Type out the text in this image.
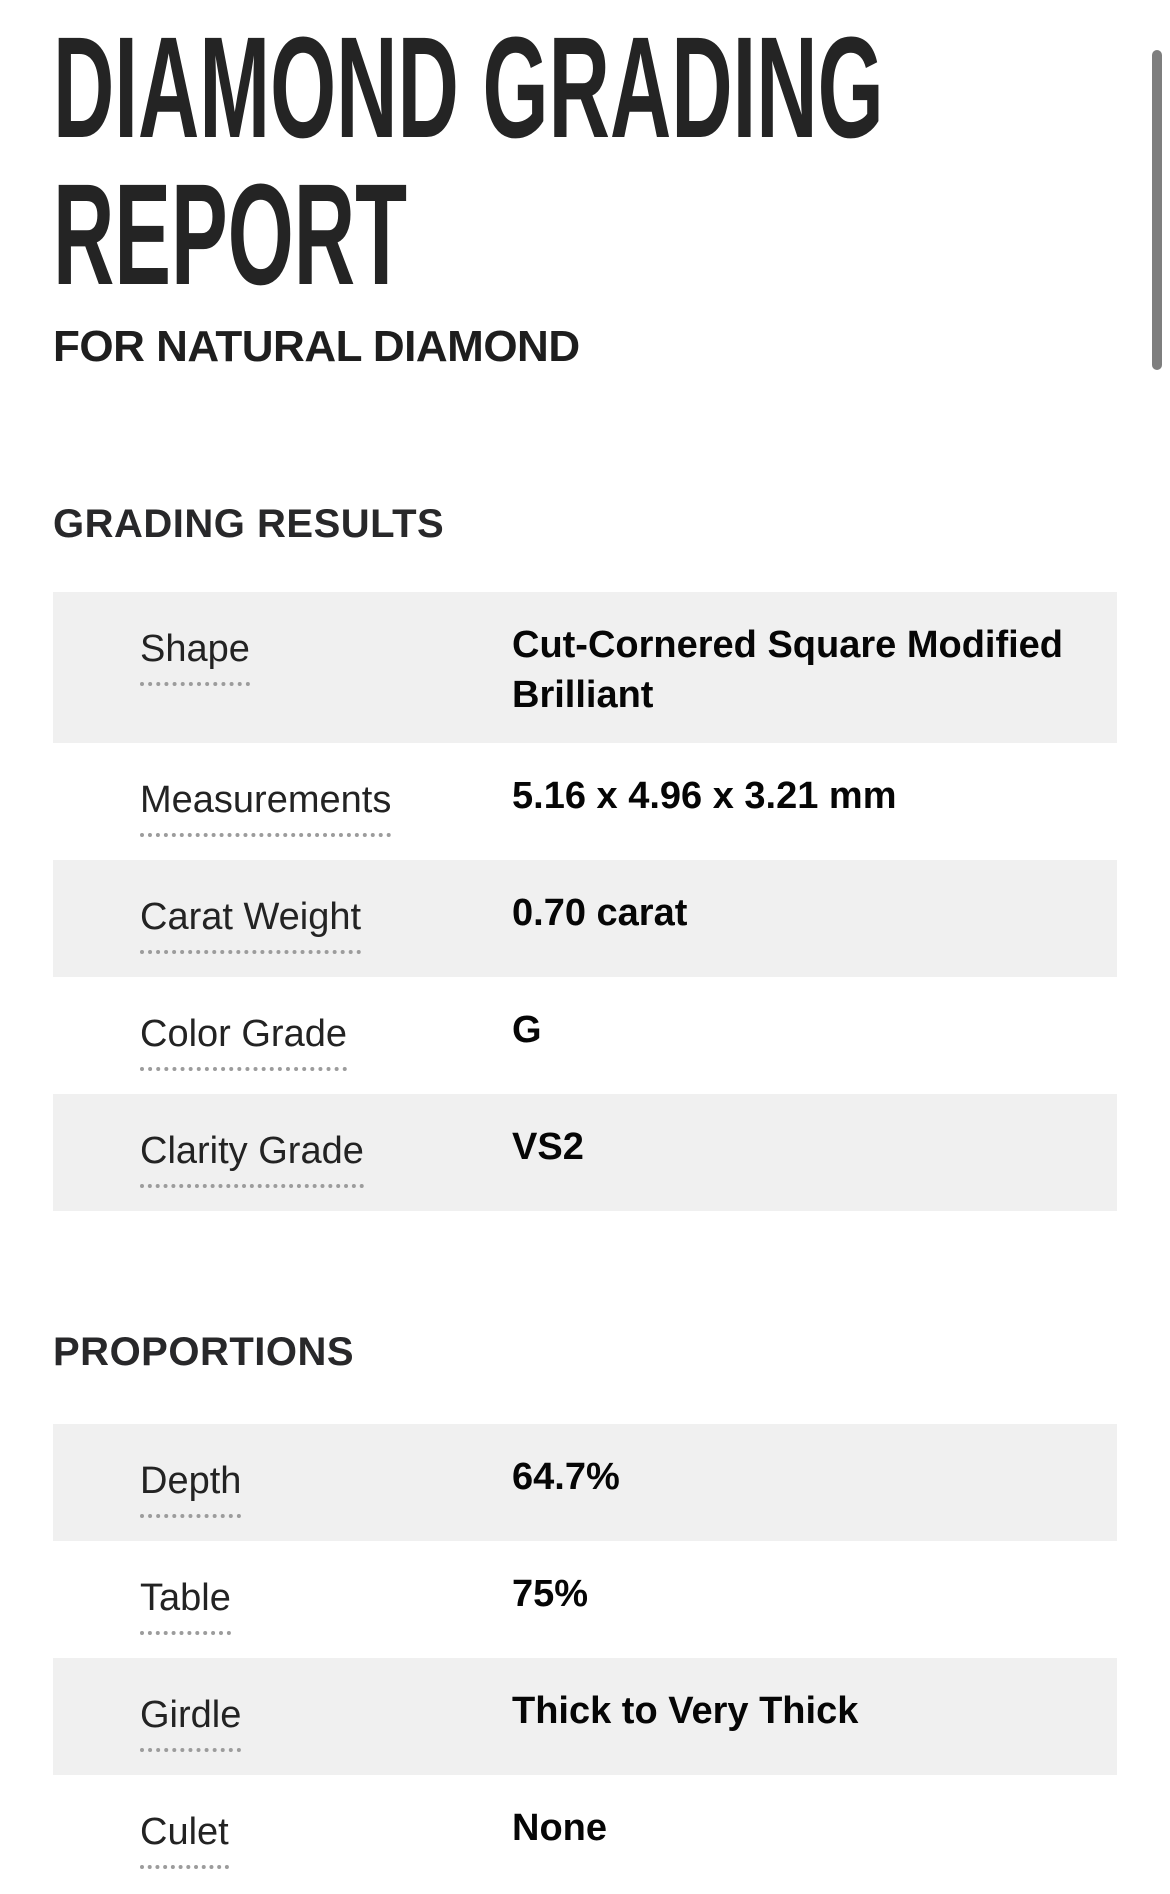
DIAMOND GRADING REPORT
FOR NATURAL DIAMOND
GRADING RESULTS
Shape	Cut-Cornered Square Modified Brilliant
Measurements	5.16 x 4.96 x 3.21 mm
Carat Weight	0.70 carat
Color Grade	G
Clarity Grade	VS2
PROPORTIONS
Depth	64.7%
Table	75%
Girdle	Thick to Very Thick
Culet	None
